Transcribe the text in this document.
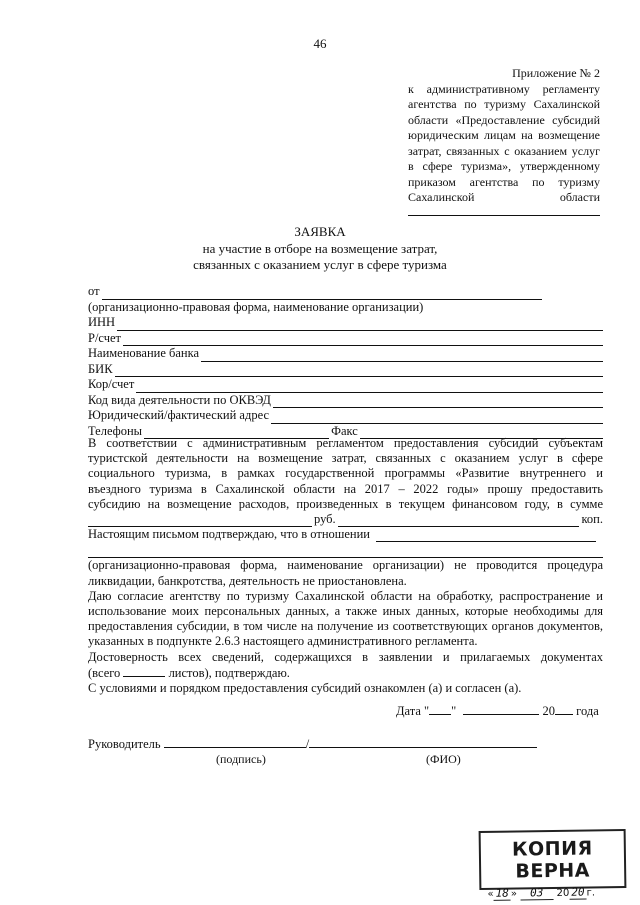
46
Приложение № 2
к административному регламенту
агентства по туризму Сахалинской
области «Предоставление субсидий
юридическим лицам на возмещение
затрат, связанных с оказанием услуг
в сфере туризма», утвержденному
приказом агентства по туризму
Сахалинской области
ЗАЯВКА
на участие в отборе на возмещение затрат,
связанных с оказанием услуг в сфере туризма
от
(организационно-правовая форма, наименование организации)
ИНН
Р/счет
Наименование банка
БИК
Кор/счет
Код вида деятельности по ОКВЭД
Юридический/фактический адрес
Телефоны	Факс
В соответствии с административным регламентом предоставления субсидий субъектам
туристской деятельности на возмещение затрат, связанных с оказанием услуг в сфере
социального туризма, в рамках государственной программы «Развитие внутреннего и
въездного туризма в Сахалинской области на 2017 – 2022 годы» прошу предоставить
субсидию на возмещение расходов, произведенных в текущем финансовом году, в сумме
руб.	коп.
Настоящим письмом подтверждаю, что в отношении
(организационно-правовая форма, наименование организации) не проводится процедура
ликвидации, банкротства, деятельность не приостановлена.

Даю согласие агентству по туризму Сахалинской области на обработку, распространение и использование моих персональных данных, а также иных данных, которые необходимы для предоставления субсидии, в том числе на получение из соответствующих органов документов, указанных в подпункте 2.6.3 настоящего административного регламента.

Достоверность всех сведений, содержащихся в заявлении и прилагаемых документах
(всего	листов), подтверждаю.
С условиями и порядком предоставления субсидий ознакомлен (а) и согласен (а).
Дата " "	20 года
Руководитель	/
(подпись)	(ФИО)
КОПИЯ ВЕРНА
« 18 » 03 20 20 г.
